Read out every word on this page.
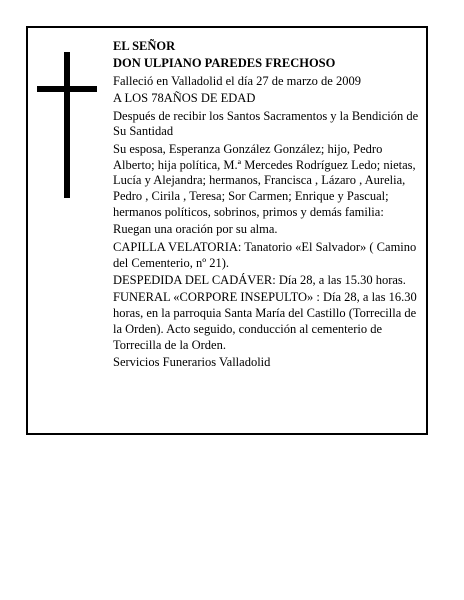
EL SEÑOR

DON ULPIANO PAREDES FRECHOSO

Falleció en Valladolid el día 27 de marzo de 2009

A LOS 78AÑOS DE EDAD

Después de recibir los Santos Sacramentos y la Bendición de Su Santidad

Su esposa, Esperanza González González; hijo, Pedro Alberto; hija política, M.ª Mercedes Rodríguez Ledo; nietas, Lucía y Alejandra; hermanos, Francisca , Lázaro , Aurelia, Pedro , Cirila , Teresa; Sor Carmen; Enrique y Pascual; hermanos políticos, sobrinos, primos y demás familia:

Ruegan una oración por su alma.

CAPILLA VELATORIA: Tanatorio «El Salvador» ( Camino del Cementerio, nº 21).

DESPEDIDA DEL CADÁVER: Día 28, a las 15.30 horas.

FUNERAL «CORPORE INSEPULTO» : Día 28, a las 16.30 horas, en la parroquia Santa María del Castillo (Torrecilla de la Orden). Acto seguido, conducción al cementerio de Torrecilla de la Orden.

Servicios Funerarios Valladolid
